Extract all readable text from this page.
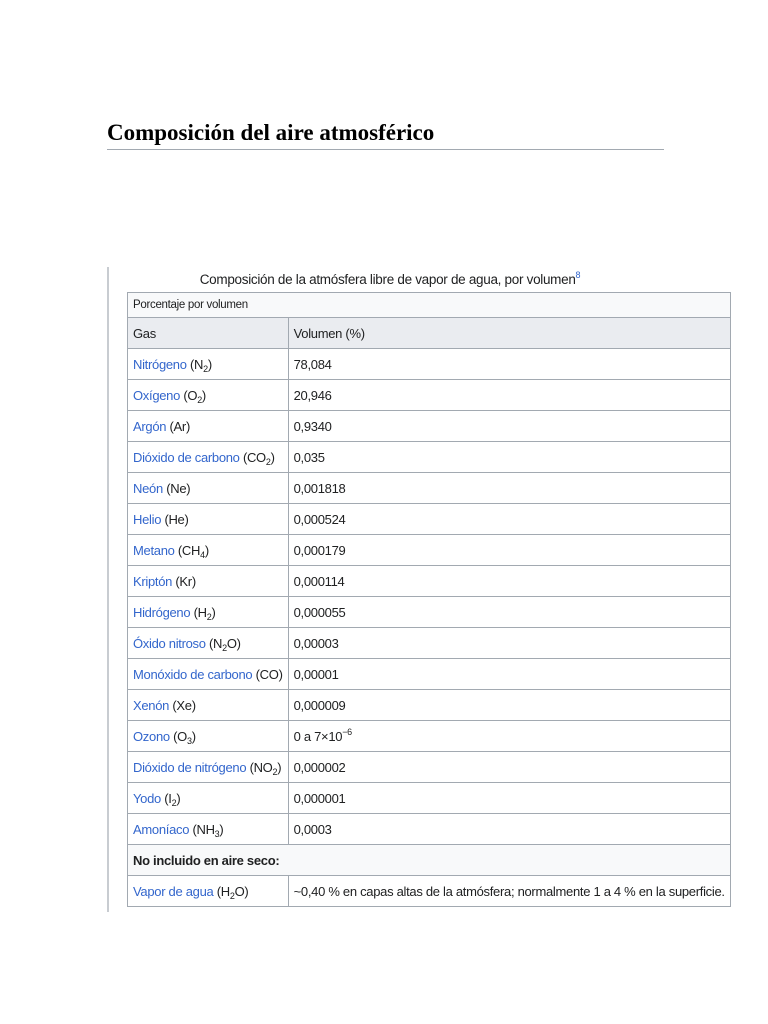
Composición del aire atmosférico
Composición de la atmósfera libre de vapor de agua, por volumen$^8$
Porcentaje por volumen	
Gas	Volumen (%)
Nitrógeno $(N_2)$	78,084
Oxígeno $(O_2)$	20,946
Argón (Ar)	0,9340
Dióxido de carbono $(CO_2)$	0,035
Neón (Ne)	0,001818
Helio (He)	0,000524
Metano $(CH_4)$	0,000179
Kriptón (Kr)	0,000114
Hidrógeno $(H_2)$	0,000055
Óxido nitroso $(N_2O)$	0,00003
Monóxido de carbono (CO)	0,00001
Xenón (Xe)	0,000009
Ozono $(O_3)$	0 a $7\times 10^{-6}$
Dióxido de nitrógeno $(NO_2)$	0,000002
Yodo $(I_2)$	0,000001
Amoníaco $(NH_3)$	0,0003
No incluido en aire seco:	
Vapor de agua $(H_2O)$	~0,40 % en capas altas de la atmósfera; normalmente 1 a 4 % en la superficie.
